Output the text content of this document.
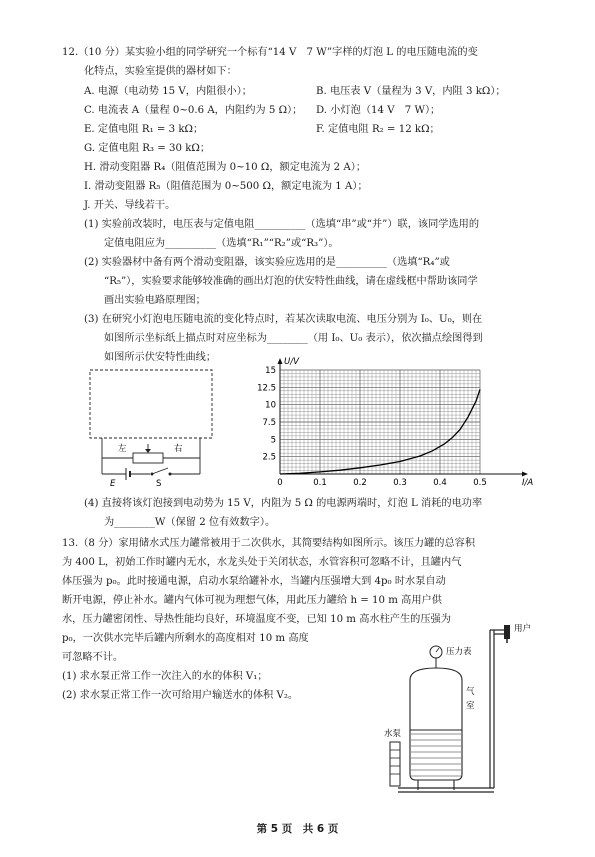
12.（10 分）某实验小组的同学研究一个标有“14 V　7 W”字样的灯泡 L 的电压随电流的变
化特点，实验室提供的器材如下：
A. 电源（电动势 15 V，内阻很小）；	B. 电压表 V（量程为 3 V，内阻 3 kΩ）；
C. 电流表 A（量程 0~0.6 A，内阻约为 5 Ω）； D. 小灯泡（14 V　7 W）；
E. 定值电阻 R₁ = 3 kΩ；	F. 定值电阻 R₂ = 12 kΩ；
G. 定值电阻 R₃ = 30 kΩ；
H. 滑动变阻器 R₄（阻值范围为 0~10 Ω，额定电流为 2 A）；
I. 滑动变阻器 R₅（阻值范围为 0~500 Ω，额定电流为 1 A）；
J. 开关、导线若干。
(1) 实验前改装时，电压表与定值电阻__________（选填“串”或“并”）联，该同学选用的
定值电阻应为__________（选填“R₁”“R₂”或“R₃”）。
(2) 实验器材中备有两个滑动变阻器，该实验应选用的是__________（选填“R₄”或
“R₅”），实验要求能够较准确的画出灯泡的伏安特性曲线，请在虚线框中帮助该同学
画出实验电路原理图；
(3) 在研究小灯泡电压随电流的变化特点时，若某次读取电流、电压分别为 I₀、U₀，则在
如图所示坐标纸上描点时对应坐标为________（用 I₀、U₀ 表示），依次描点绘图得到
如图所示伏安特性曲线；
左	右
E	S	0	0.1	0.2	0.3	0.4	0.5
2.5
5
7.5
10
12.5
15
I/A
U/V
(4) 直接将该灯泡接到电动势为 15 V，内阻为 5 Ω 的电源两端时，灯泡 L 消耗的电功率
为________W（保留 2 位有效数字）。
13.（8 分）家用储水式压力罐常被用于二次供水，其简要结构如图所示。该压力罐的总容积
为 400 L，初始工作时罐内无水，水龙头处于关闭状态，水管容积可忽略不计，且罐内气
体压强为 p₀。此时接通电源，启动水泵给罐补水，当罐内压强增大到 4p₀ 时水泵自动
断开电源，停止补水。罐内气体可视为理想气体，用此压力罐给 h = 10 m 高用户供
水，压力罐密闭性、导热性能均良好，环境温度不变，已知 10 m 高水柱产生的压强为
p₀，一次供水完毕后罐内所剩水的高度相对 10 m 高度
可忽略不计。
(1) 求水泵正常工作一次注入的水的体积 V₁；
(2) 求水泵正常工作一次可给用户输送水的体积 V₂。
用户
压力表
气
室
水泵
第 5 页　共 6 页
